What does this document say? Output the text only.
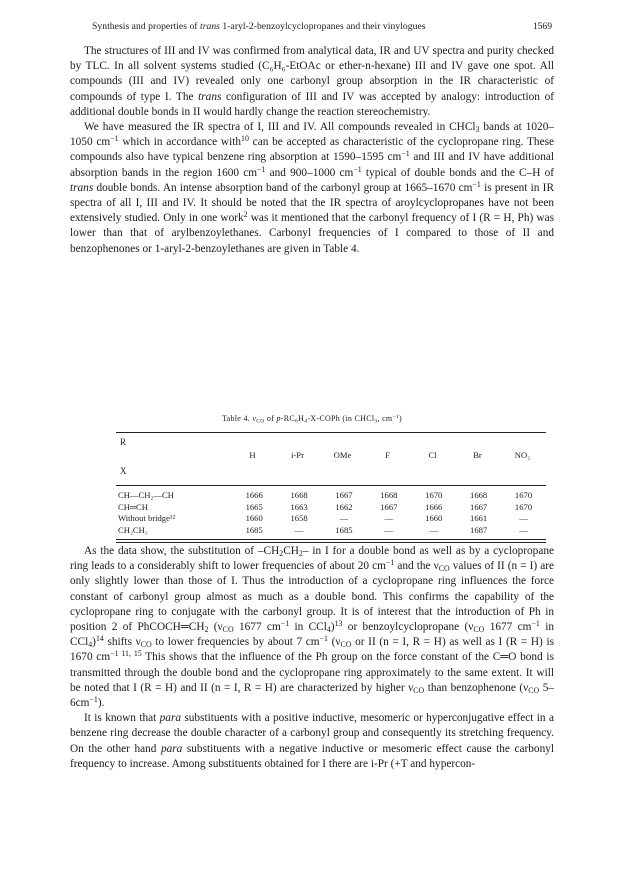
Synthesis and properties of trans 1-aryl-2-benzoylcyclopropanes and their vinylogues	1569

The structures of III and IV was confirmed from analytical data, IR and UV spectra and purity checked by TLC. In all solvent systems studied (C₆H₆-EtOAc or ether-n-hexane) III and IV gave one spot. All compounds (III and IV) revealed only one carbonyl group absorption in the IR characteristic of compounds of type I. The trans configuration of III and IV was accepted by analogy: introduction of additional double bonds in II would hardly change the reaction stereochemistry.

We have measured the IR spectra of I, III and IV. All compounds revealed in CHCl$_3$ bands at 1020–1050 $cm^{-1}$ which in accordance with$^{10}$ can be accepted as characteristic of the cyclopropane ring. These compounds also have typical benzene ring absorption at 1590–1595 $cm^{-1}$ and III and IV have additional absorption bands in the region 1600 $cm^{-1}$ and 900–1000 $cm^{-1}$ typical of double bonds and the C–H of trans double bonds. An intense absorption band of the carbonyl group at 1665–1670 $cm^{-1}$ is present in IR spectra of all I, III and IV. It should be noted that the IR spectra of aroylcyclopropanes have not been extensively studied. Only in one work$^2$ was it mentioned that the carbonyl frequency of I (R = H, Ph) was lower than that of arylbenzoylethanes. Carbonyl frequencies of I compared to those of II and benzophenones or 1-aryl-2-benzoylethanes are given in Table 4.

Table 4. $\nu_{CO}$ of $p-RC_6H_4-X$-COPh (in CHCl$_3$, $cm^{-1}$)
R
H	i-Pr	OMe	F	Cl	Br	NO₂
X
CH—CH₂—CH	1666	1668	1667	1668	1670	1668	1670
CH═CH	1665	1663	1662	1667	1666	1667	1670
Without bridge¹²	1660	1658	—	—	1660	1661	—
CH₂CH₂	1685	—	1685	—	—	1687	—

As the data show, the substitution of $-CH_2CH_2-$ in I for a double bond as well as by a cyclopropane ring leads to a considerably shift to lower frequencies of about 20 $cm^{-1}$ and the $\nu_{CO}$ values of II (n = I) are only slightly lower than those of I. Thus the introduction of a cyclopropane ring influences the force constant of carbonyl group almost as much as a double bond. This confirms the capability of the cyclopropane ring to conjugate with the carbonyl group. It is of interest that the introduction of Ph in position 2 of $PhCOCH═CH_2$ ($\nu_{CO}$ 1677 $cm^{-1}$ in CCl$_4$)$^{13}$ or benzoylcyclopropane ($\nu_{CO}$ 1677 $cm^{-1}$ in CCl$_4$)$^{14}$ shifts $\nu_{CO}$ to lower frequencies by about 7 $cm^{-1}$ ($\nu_{CO}$ or II (n = I, R = H) as well as I (R = H) is 1670 $cm^{-1 11, 15}$ This shows that the influence of the Ph group on the force constant of the C═O bond is transmitted through the double bond and the cyclopropane ring approximately to the same extent. It will be noted that I (R = H) and II (n = I, R = H) are characterized by higher $\nu_{CO}$ than benzophenone ($\nu_{CO}$ $5-6cm^{-1}$).

It is known that para substituents with a positive inductive, mesomeric or hyperconjugative effect in a benzene ring decrease the double character of a carbonyl group and consequently its stretching frequency. On the other hand para substituents with a negative inductive or mesomeric effect cause the carbonyl frequency to increase. Among substituents obtained for I there are i-Pr (+T and hypercon-
